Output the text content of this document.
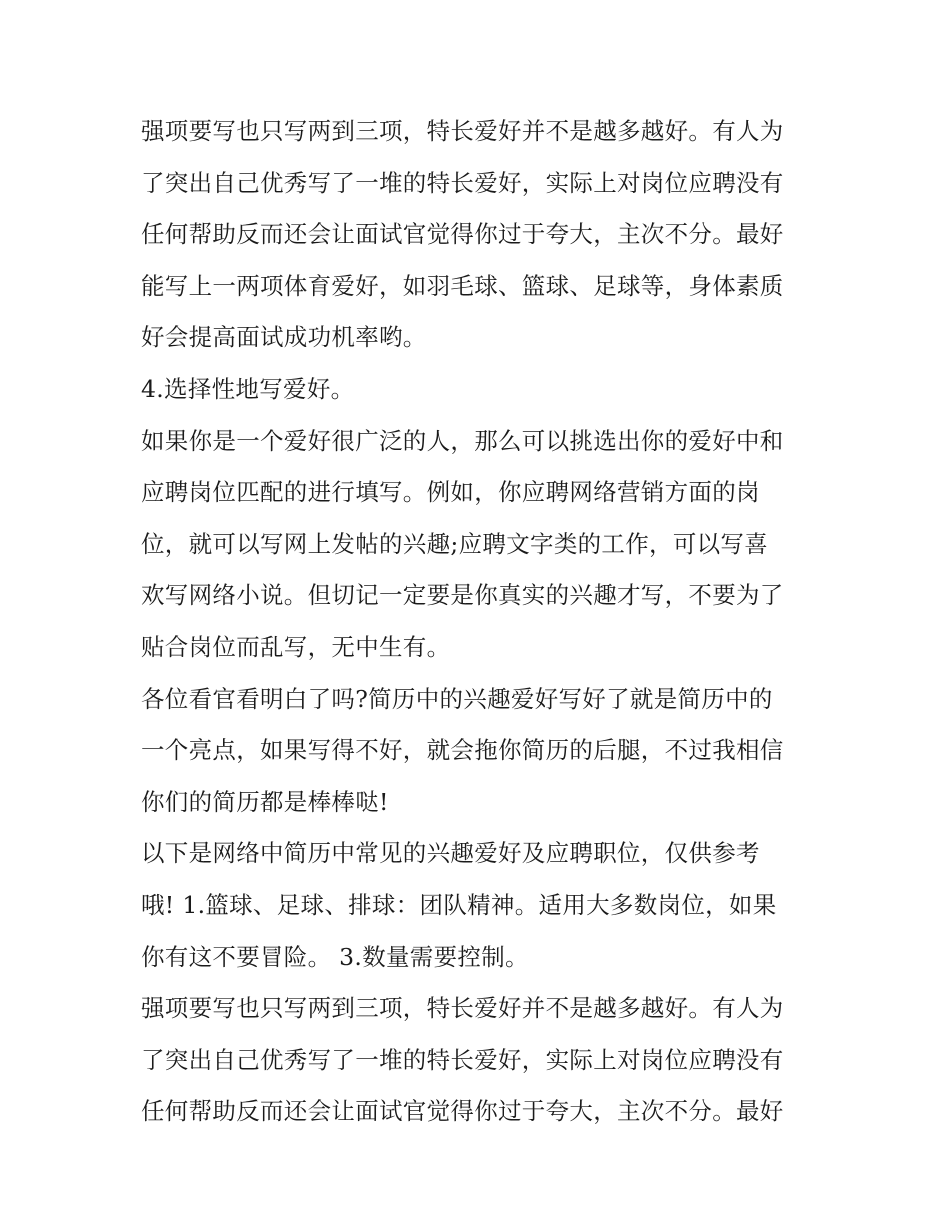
强项要写也只写两到三项，特长爱好并不是越多越好。有人为
了突出自己优秀写了一堆的特长爱好，实际上对岗位应聘没有
任何帮助反而还会让面试官觉得你过于夸大，主次不分。最好
能写上一两项体育爱好，如羽毛球、篮球、足球等，身体素质
好会提高面试成功机率哟。
4.选择性地写爱好。
如果你是一个爱好很广泛的人，那么可以挑选出你的爱好中和
应聘岗位匹配的进行填写。例如，你应聘网络营销方面的岗
位，就可以写网上发帖的兴趣;应聘文字类的工作，可以写喜
欢写网络小说。但切记一定要是你真实的兴趣才写，不要为了
贴合岗位而乱写，无中生有。
各位看官看明白了吗?简历中的兴趣爱好写好了就是简历中的
一个亮点，如果写得不好，就会拖你简历的后腿，不过我相信
你们的简历都是棒棒哒!
以下是网络中简历中常见的兴趣爱好及应聘职位，仅供参考
哦! 1.篮球、足球、排球：团队精神。适用大多数岗位，如果
你有这不要冒险。 3.数量需要控制。
强项要写也只写两到三项，特长爱好并不是越多越好。有人为
了突出自己优秀写了一堆的特长爱好，实际上对岗位应聘没有
任何帮助反而还会让面试官觉得你过于夸大，主次不分。最好
